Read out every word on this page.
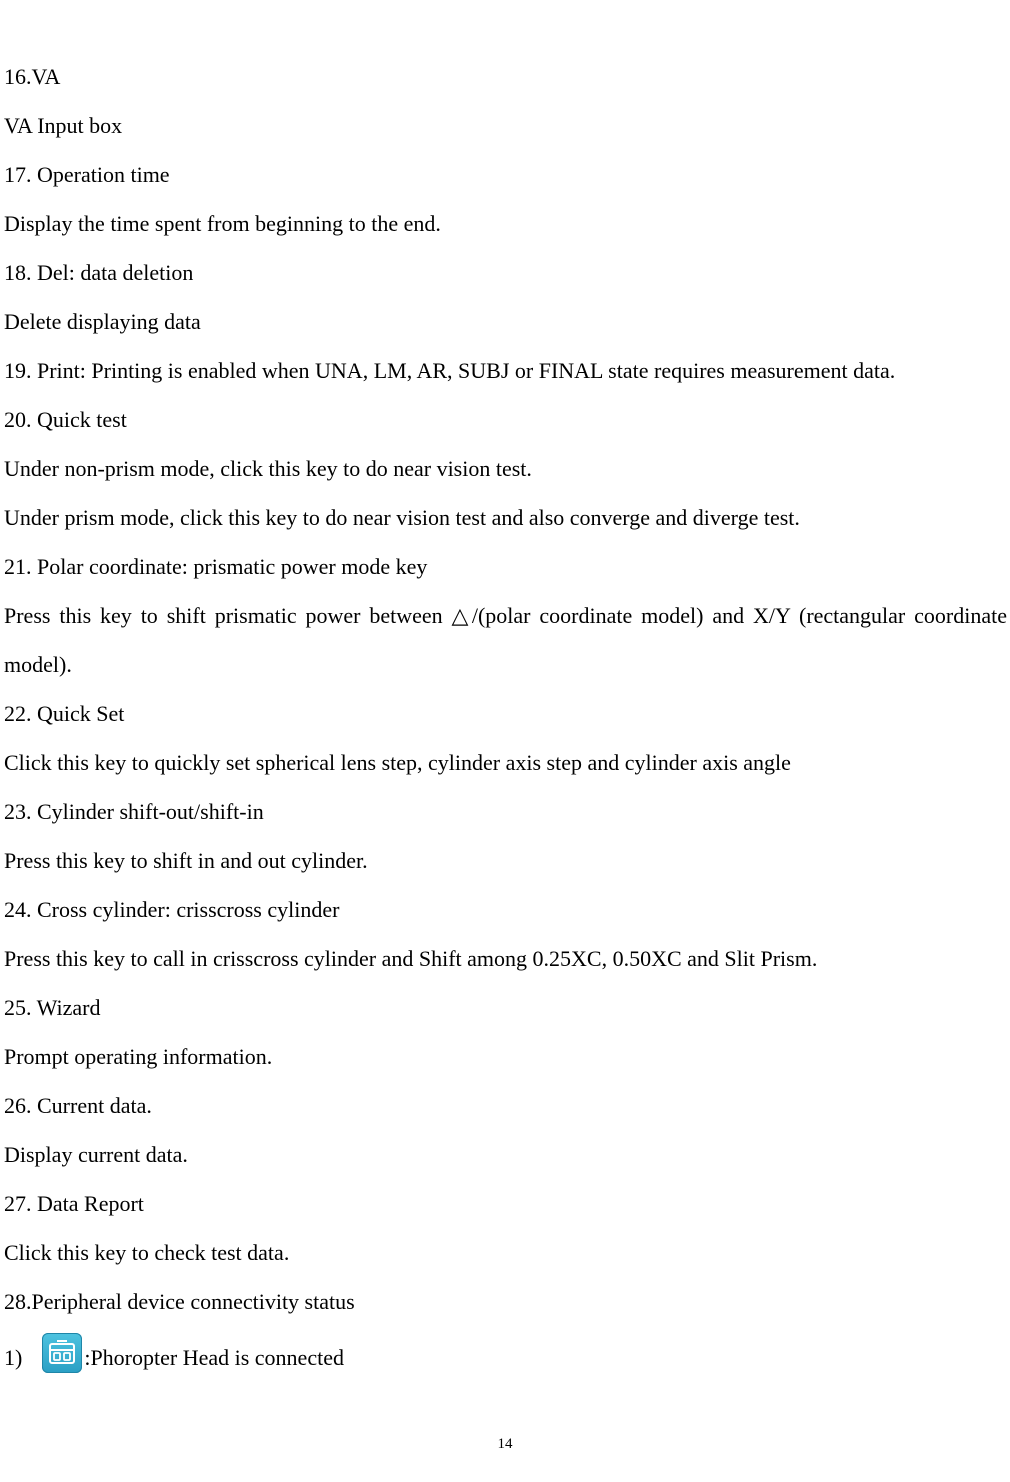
16.VA
VA Input box
17. Operation time
Display the time spent from beginning to the end.
18. Del: data deletion
Delete displaying data
19. Print: Printing is enabled when UNA, LM, AR, SUBJ or FINAL state requires measurement data.
20. Quick test
Under non-prism mode, click this key to do near vision test.
Under prism mode, click this key to do near vision test and also converge and diverge test.
21. Polar coordinate: prismatic power mode key
Press this key to shift prismatic power between △/(polar coordinate model) and X/Y (rectangular coordinate model).
22. Quick Set
Click this key to quickly set spherical lens step, cylinder axis step and cylinder axis angle
23. Cylinder shift-out/shift-in
Press this key to shift in and out cylinder.
24. Cross cylinder: crisscross cylinder
Press this key to call in crisscross cylinder and Shift among 0.25XC, 0.50XC and Slit Prism.
25. Wizard
Prompt operating information.
26. Current data.
Display current data.
27. Data Report
Click this key to check test data.
28.Peripheral device connectivity status
1)	:Phoropter Head is connected
14
